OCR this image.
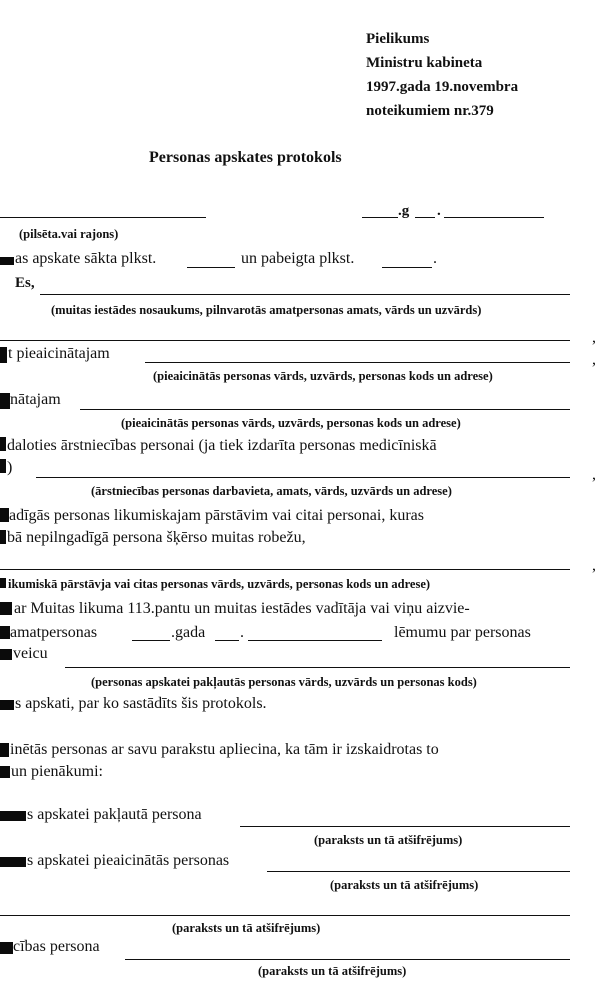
Pielikums
Ministru kabineta
1997.gada 19.novembra
noteikumiem nr.379
Personas apskates protokols
.g .
(pilsēta.vai rajons)
as apskate sākta plkst.	un pabeigta plkst.	.
Es,
(muitas iestādes nosaukums, pilnvarotās amatpersonas amats, vārds un uzvārds)
,
t pieaicinātajam	,
(pieaicinātās personas vārds, uzvārds, personas kods un adrese)
nātajam
(pieaicinātās personas vārds, uzvārds, personas kods un adrese)
daloties ārstniecības personai (ja tiek izdarīta personas medicīniskā
)	,
(ārstniecības personas darbavieta, amats, vārds, uzvārds un adrese)
adīgās personas likumiskajam pārstāvim vai citai personai, kuras
bā nepilngadīgā persona šķērso muitas robežu,
,
ikumiskā pārstāvja vai citas personas vārds, uzvārds, personas kods un adrese)
ar Muitas likuma 113.pantu un muitas iestādes vadītāja vai viņu aizvie-
amatpersonas	.gada .	lēmumu par personas
veicu
(personas apskatei pakļautās personas vārds, uzvārds un personas kods)
s apskati, par ko sastādīts šis protokols.
inētās personas ar savu parakstu apliecina, ka tām ir izskaidrotas to
un pienākumi:
s apskatei pakļautā persona
(paraksts un tā atšifrējums)
s apskatei pieaicinātās personas
(paraksts un tā atšifrējums)
(paraksts un tā atšifrējums)
cības persona
(paraksts un tā atšifrējums)
